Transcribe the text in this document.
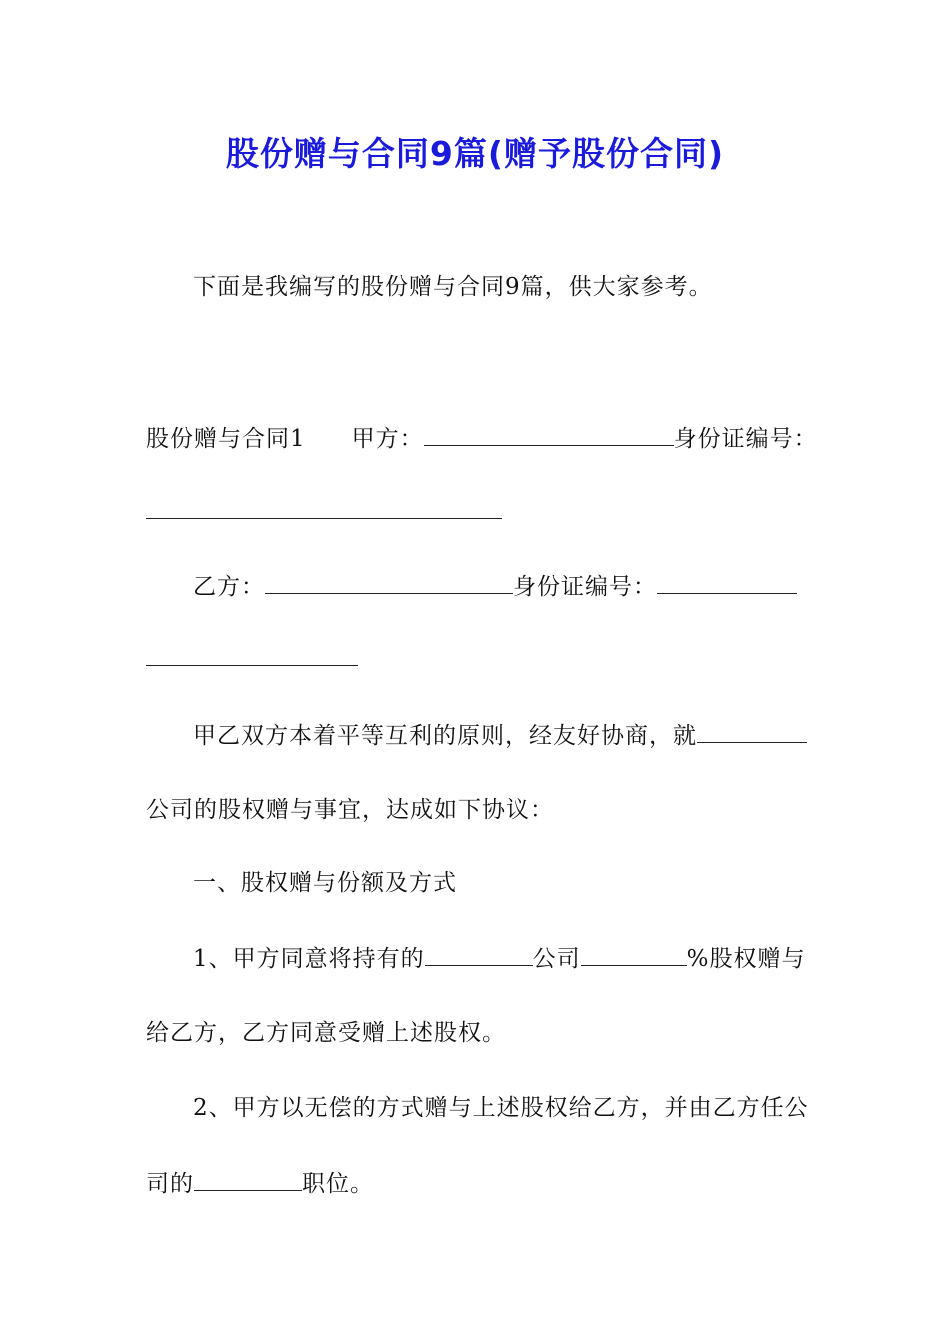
股份赠与合同9篇(赠予股份合同)
下面是我编写的股份赠与合同9篇，供大家参考。
股份赠与合同1 甲方：	身份证编号：
乙方：	身份证编号：
甲乙双方本着平等互利的原则，经友好协商，就
公司的股权赠与事宜，达成如下协议：
一、股权赠与份额及方式
1、甲方同意将持有的	公司	%股权赠与
给乙方，乙方同意受赠上述股权。
2、甲方以无偿的方式赠与上述股权给乙方，并由乙方任公
司的	职位。
